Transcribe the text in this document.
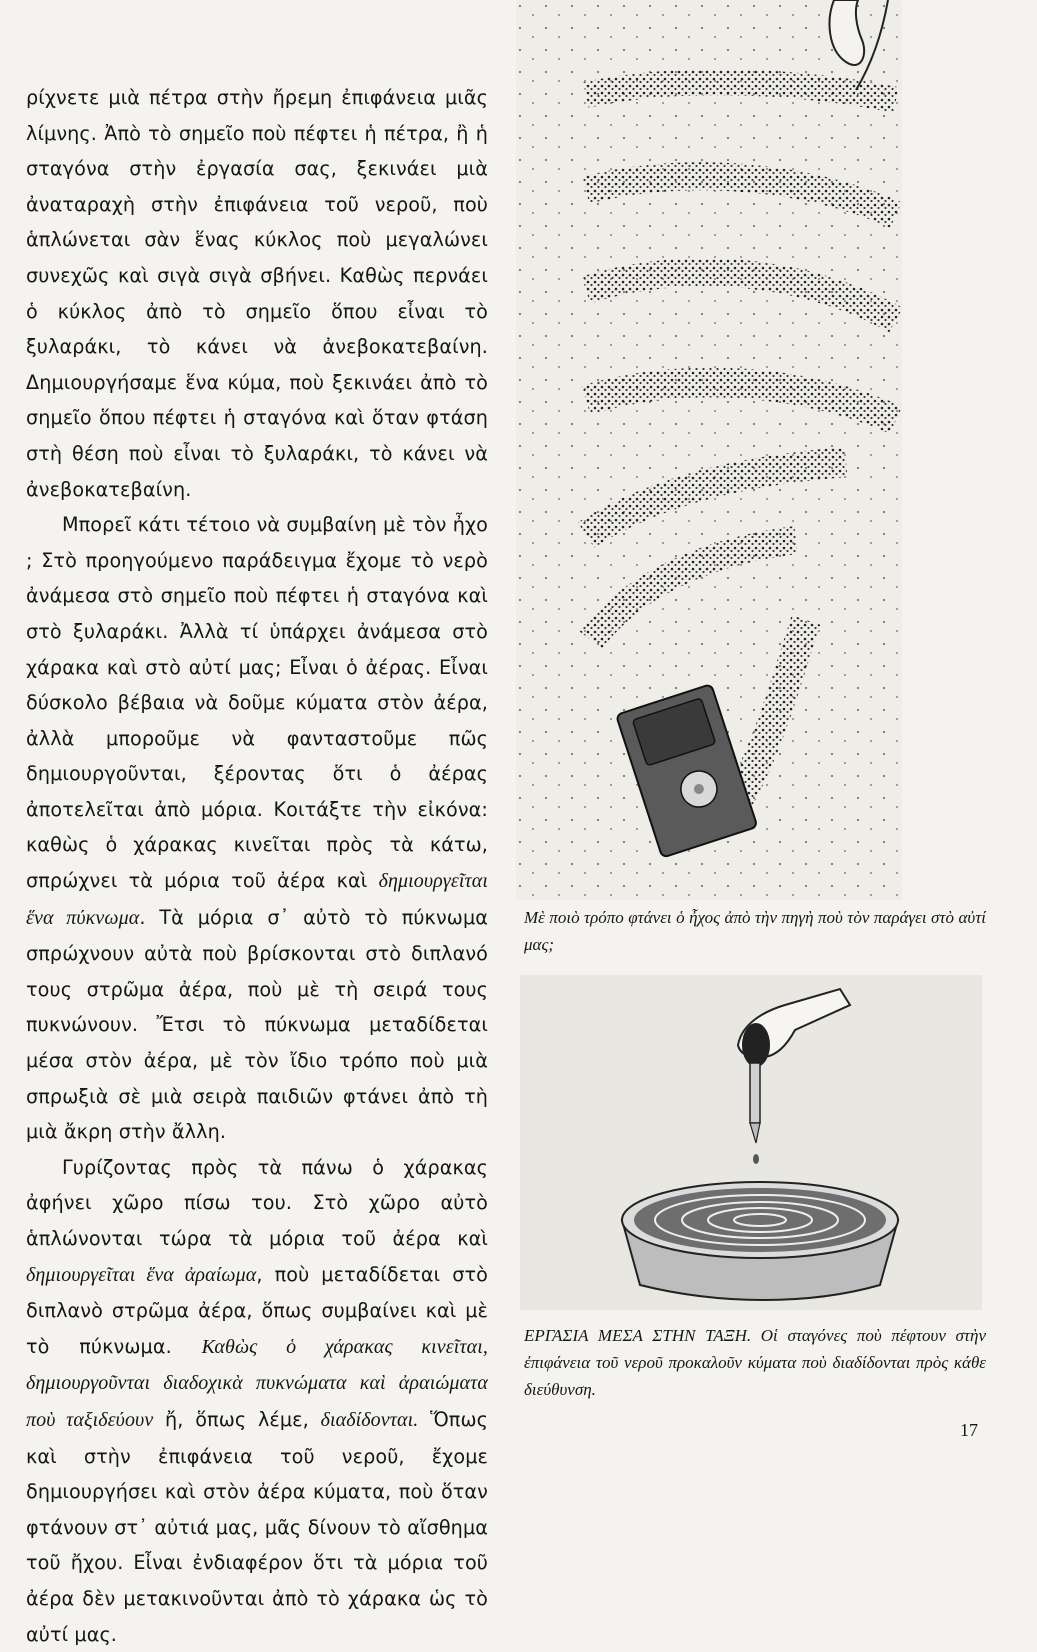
ρίχνετε μιὰ πέτρα στὴν ἤρεμη ἐπιφάνεια μιᾶς λίμνης. Ἀπὸ τὸ σημεῖο ποὺ πέφτει ἡ πέτρα, ἢ ἡ σταγόνα στὴν ἐργασία σας, ξεκινάει μιὰ ἀναταραχὴ στὴν ἐπιφάνεια τοῦ νεροῦ, ποὺ ἁπλώνεται σὰν ἕνας κύκλος ποὺ μεγαλώνει συνεχῶς καὶ σιγὰ σιγὰ σβήνει. Καθὼς περνάει ὁ κύκλος ἀπὸ τὸ σημεῖο ὅπου εἶναι τὸ ξυλαράκι, τὸ κάνει νὰ ἀνεβοκατεβαίνη. Δημιουργήσαμε ἕνα κύμα, ποὺ ξεκινάει ἀπὸ τὸ σημεῖο ὅπου πέφτει ἡ σταγόνα καὶ ὅταν φτάση στὴ θέση ποὺ εἶναι τὸ ξυλαράκι, τὸ κάνει νὰ ἀνεβοκατεβαίνη.

Μπορεῖ κάτι τέτοιο νὰ συμβαίνη μὲ τὸν ἦχο ; Στὸ προηγούμενο παράδειγμα ἔχομε τὸ νερὸ ἀνάμεσα στὸ σημεῖο ποὺ πέφτει ἡ σταγόνα καὶ στὸ ξυλαράκι. Ἀλλὰ τί ὑπάρχει ἀνάμεσα στὸ χάρακα καὶ στὸ αὐτί μας; Εἶναι ὁ ἀέρας. Εἶναι δύσκολο βέβαια νὰ δοῦμε κύματα στὸν ἀέρα, ἀλλὰ μποροῦμε νὰ φανταστοῦμε πῶς δημιουργοῦνται, ξέροντας ὅτι ὁ ἀέρας ἀποτελεῖται ἀπὸ μόρια. Κοιτάξτε τὴν εἰκόνα: καθὼς ὁ χάρακας κινεῖται πρὸς τὰ κάτω, σπρώχνει τὰ μόρια τοῦ ἀέρα καὶ δημιουργεῖται ἕνα πύκνωμα. Τὰ μόρια σ᾿ αὐτὸ τὸ πύκνωμα σπρώχνουν αὐτὰ ποὺ βρίσκονται στὸ διπλανό τους στρῶμα ἀέρα, ποὺ μὲ τὴ σειρά τους πυκνώνουν. Ἔτσι τὸ πύκνωμα μεταδίδεται μέσα στὸν ἀέρα, μὲ τὸν ἴδιο τρόπο ποὺ μιὰ σπρωξιὰ σὲ μιὰ σειρὰ παιδιῶν φτάνει ἀπὸ τὴ μιὰ ἄκρη στὴν ἄλλη.

Γυρίζοντας πρὸς τὰ πάνω ὁ χάρακας ἀφήνει χῶρο πίσω του. Στὸ χῶρο αὐτὸ ἁπλώνονται τώρα τὰ μόρια τοῦ ἀέρα καὶ δημιουργεῖται ἕνα ἀραίωμα, ποὺ μεταδίδεται στὸ διπλανὸ στρῶμα ἀέρα, ὅπως συμβαίνει καὶ μὲ τὸ πύκνωμα. Καθὼς ὁ χάρακας κινεῖται, δημιουργοῦνται διαδοχικὰ πυκνώματα καὶ ἀραιώματα ποὺ ταξιδεύουν ἤ, ὅπως λέμε, διαδίδονται. Ὅπως καὶ στὴν ἐπιφάνεια τοῦ νεροῦ, ἔχομε δημιουργήσει καὶ στὸν ἀέρα κύματα, ποὺ ὅταν φτάνουν στ᾿ αὐτιά μας, μᾶς δίνουν τὸ αἴσθημα τοῦ ἤχου. Εἶναι ἐνδιαφέρον ὅτι τὰ μόρια τοῦ ἀέρα δὲν μετακινοῦνται ἀπὸ τὸ χάρακα ὡς τὸ αὐτί μας.

Μὲ ποιὸ τρόπο φτάνει ὁ ἦχος ἀπὸ τὴν πηγὴ ποὺ τὸν παράγει στὸ αὐτί μας;

ΕΡΓΑΣΙΑ ΜΕΣΑ ΣΤΗΝ ΤΑΞΗ. Οἱ σταγόνες ποὺ πέφτουν στὴν ἐπιφάνεια τοῦ νεροῦ προκαλοῦν κύματα ποὺ διαδίδονται πρὸς κάθε διεύθυνση.

17
